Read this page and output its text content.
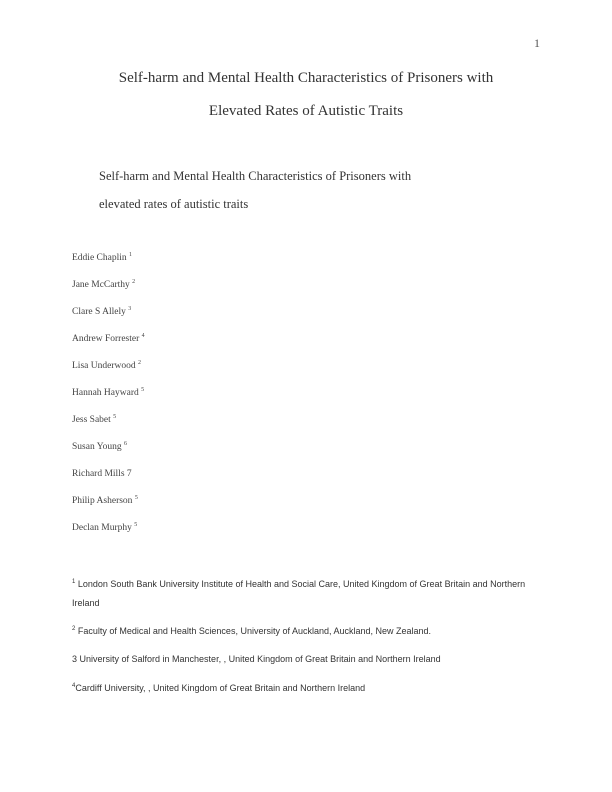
1
Self-harm and Mental Health Characteristics of Prisoners with
Elevated Rates of Autistic Traits
Self-harm and Mental Health Characteristics of Prisoners with
elevated rates of autistic traits
Eddie Chaplin $^1$
Jane McCarthy $^2$
Clare S Allely $^3$
Andrew Forrester $^4$
Lisa Underwood $^2$
Hannah Hayward $^5$
Jess Sabet $^5$
Susan Young $^6$
Richard Mills 7
Philip Asherson $^5$
Declan Murphy $^5$
$^1$ London South Bank University Institute of Health and Social Care, United Kingdom of Great Britain and Northern
Ireland
$^2$ Faculty of Medical and Health Sciences, University of Auckland, Auckland, New Zealand.
3 University of Salford in Manchester, , United Kingdom of Great Britain and Northern Ireland
$^4$Cardiff University, , United Kingdom of Great Britain and Northern Ireland
